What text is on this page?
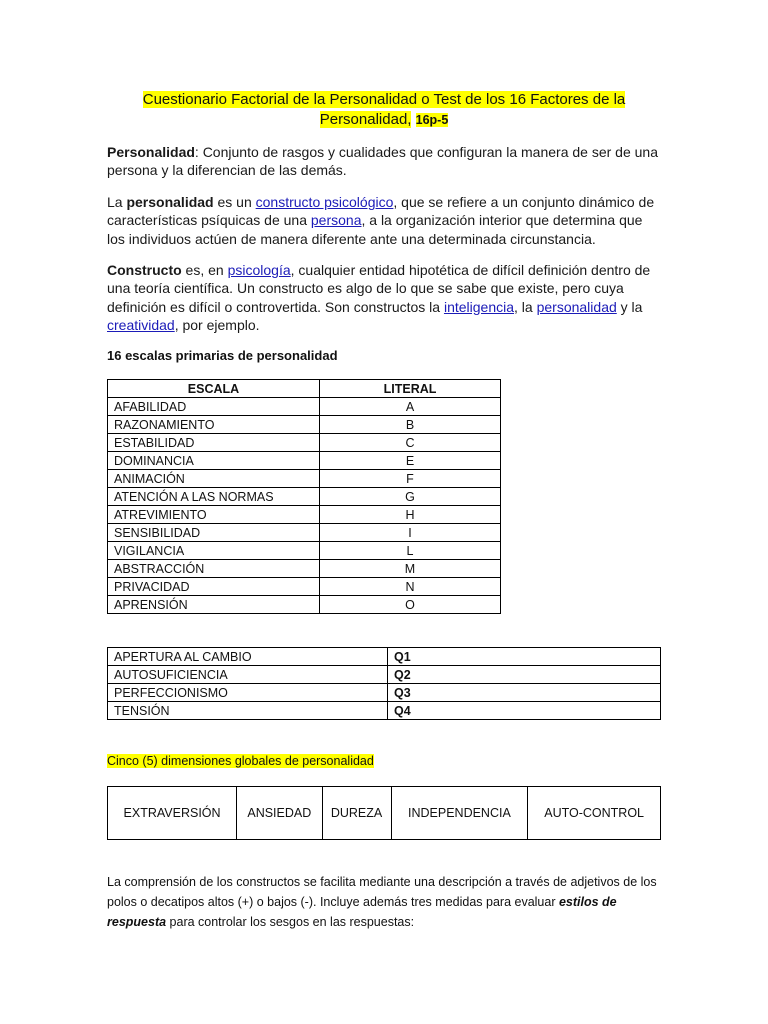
Cuestionario Factorial de la Personalidad o Test de los 16 Factores de la Personalidad, 16p-5
Personalidad: Conjunto de rasgos y cualidades que configuran la manera de ser de una persona y la diferencian de las demás.
La personalidad es un constructo psicológico, que se refiere a un conjunto dinámico de características psíquicas de una persona, a la organización interior que determina que los individuos actúen de manera diferente ante una determinada circunstancia.
Constructo es, en psicología, cualquier entidad hipotética de difícil definición dentro de una teoría científica. Un constructo es algo de lo que se sabe que existe, pero cuya definición es difícil o controvertida. Son constructos la inteligencia, la personalidad y la creatividad, por ejemplo.
16 escalas primarias de personalidad
ESCALA	LITERAL
AFABILIDAD	A
RAZONAMIENTO	B
ESTABILIDAD	C
DOMINANCIA	E
ANIMACIÓN	F
ATENCIÓN A LAS NORMAS	G
ATREVIMIENTO	H
SENSIBILIDAD	I
VIGILANCIA	L
ABSTRACCIÓN	M
PRIVACIDAD	N
APRENSIÓN	O
APERTURA AL CAMBIO	Q1
AUTOSUFICIENCIA	Q2
PERFECCIONISMO	Q3
TENSIÓN	Q4
Cinco (5) dimensiones globales de personalidad
EXTRAVERSIÓN	ANSIEDAD	DUREZA	INDEPENDENCIA	AUTO-CONTROL
La comprensión de los constructos se facilita mediante una descripción a través de adjetivos de los polos o decatipos altos (+) o bajos (-). Incluye además tres medidas para evaluar estilos de respuesta para controlar los sesgos en las respuestas:
